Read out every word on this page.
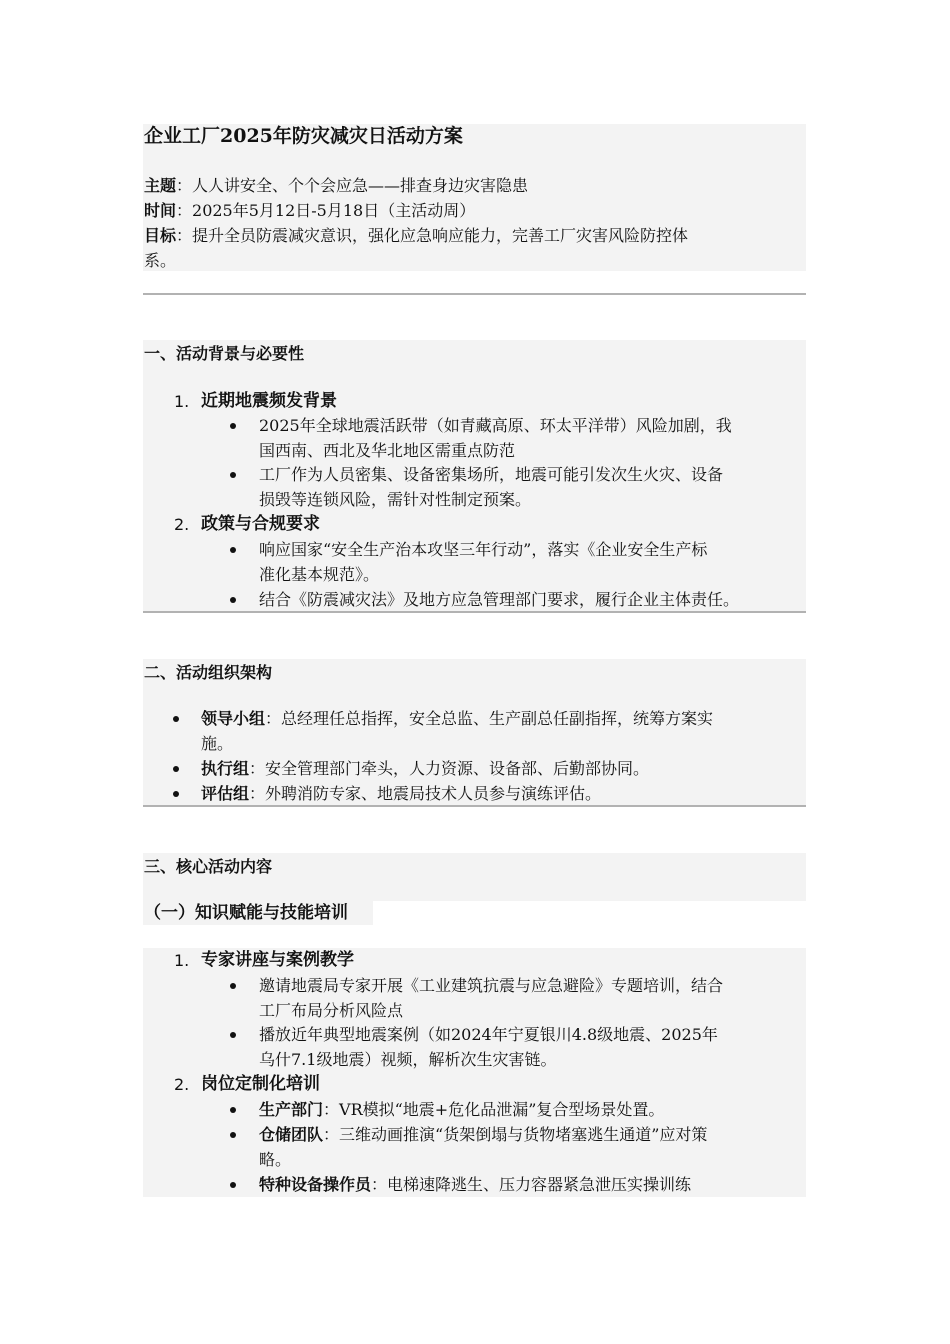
企业工厂2025年防灾减灾日活动方案
主题：人人讲安全、个个会应急——排查身边灾害隐患
时间：2025年5月12日-5月18日（主活动周）
目标：提升全员防震减灾意识，强化应急响应能力，完善工厂灾害风险防控体
系。
一、活动背景与必要性
1. 近期地震频发背景
2025年全球地震活跃带（如青藏高原、环太平洋带）风险加剧，我
国西南、西北及华北地区需重点防范
工厂作为人员密集、设备密集场所，地震可能引发次生火灾、设备
损毁等连锁风险，需针对性制定预案。
2. 政策与合规要求
响应国家“安全生产治本攻坚三年行动”，落实《企业安全生产标
准化基本规范》。
结合《防震减灾法》及地方应急管理部门要求，履行企业主体责任。
二、活动组织架构
领导小组：总经理任总指挥，安全总监、生产副总任副指挥，统筹方案实
施。
执行组：安全管理部门牵头，人力资源、设备部、后勤部协同。
评估组：外聘消防专家、地震局技术人员参与演练评估。
三、核心活动内容
（一）知识赋能与技能培训
1. 专家讲座与案例教学
邀请地震局专家开展《工业建筑抗震与应急避险》专题培训，结合
工厂布局分析风险点
播放近年典型地震案例（如2024年宁夏银川4.8级地震、2025年
乌什7.1级地震）视频，解析次生灾害链。
2. 岗位定制化培训
生产部门：VR模拟“地震+危化品泄漏”复合型场景处置。
仓储团队：三维动画推演“货架倒塌与货物堵塞逃生通道”应对策
略。
特种设备操作员：电梯速降逃生、压力容器紧急泄压实操训练
